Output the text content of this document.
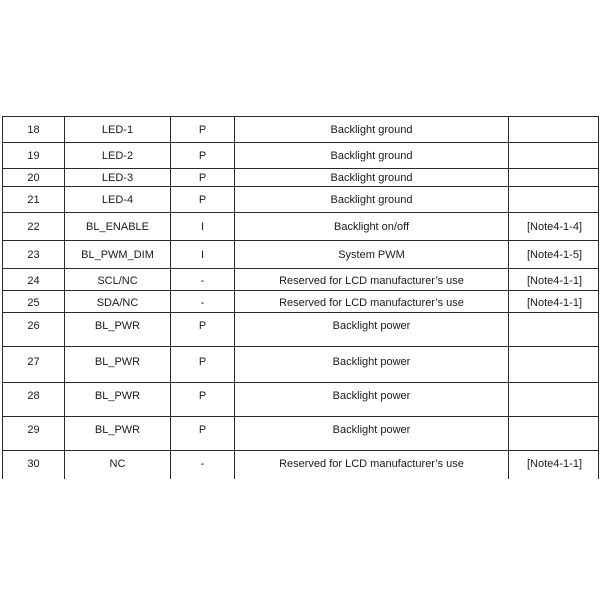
18	LED-1	P	Backlight ground	
19	LED-2	P	Backlight ground	
20	LED-3	P	Backlight ground	
21	LED-4	P	Backlight ground	
22	BL_ENABLE	I	Backlight on/off	[Note4-1-4]
23	BL_PWM_DIM	I	System PWM	[Note4-1-5]
24	SCL/NC	-	Reserved for LCD manufacturer’s use	[Note4-1-1]
25	SDA/NC	-	Reserved for LCD manufacturer’s use	[Note4-1-1]
26	BL_PWR	P	Backlight power	
27	BL_PWR	P	Backlight power	
28	BL_PWR	P	Backlight power	
29	BL_PWR	P	Backlight power	
30	NC	-	Reserved for LCD manufacturer’s use	[Note4-1-1]
